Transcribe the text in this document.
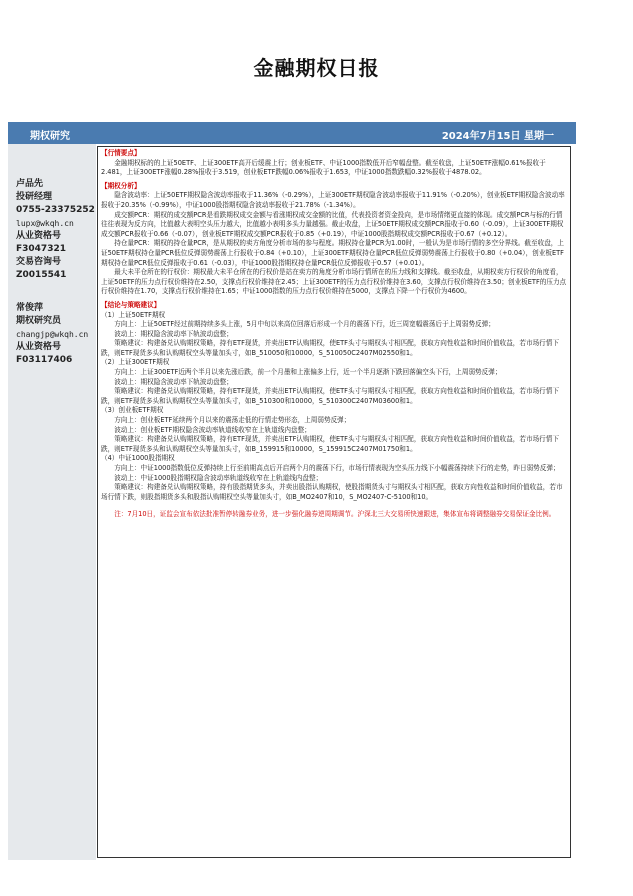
金融期权日报
期权研究	2024年7月15日 星期一
卢品先
投研经理
0755-23375252
lupx@wkqh.cn
从业资格号
F3047321
交易咨询号
Z0015541
常俊萍
期权研究员
changjp@wkqh.cn
从业资格号
F03117406
【行情要点】

金融期权标的的上证50ETF、上证300ETF高开后缓震上行；创业板ETF、中证1000指数低开后窄幅盘整。截至收盘，上证50ETF涨幅0.61%报收于2.481，上证300ETF涨幅0.28%报收于3.519，创业板ETF跌幅0.06%报收于1.653，中证1000指数跌幅0.32%报收于4878.02。

【期权分析】

隐含波动率：上证50ETF期权隐含波动率报收于11.36%（-0.29%），上证300ETF期权隐含波动率报收于11.91%（-0.20%），创业板ETF期权隐含波动率报收于20.35%（-0.99%），中证1000股指期权隐含波动率报收于21.78%（-1.34%）。

成交额PCR：期权的成交额PCR是看跌期权成交金额与看涨期权成交金额的比值，代表投资者资金投向，是市场情绪更直接的体现。成交额PCR与标的行情往往表现为反方向，比值越大表明空头压力越大，比值越小表明多头力量越强。截止收盘，上证50ETF期权成交额PCR报收于0.60（-0.09），上证300ETF期权成交额PCR报收于0.66（-0.07），创业板ETF期权成交额PCR报收于0.85（+0.19），中证1000股指期权成交额PCR报收于0.67（+0.12）。

持仓量PCR：期权的持仓量PCR，是从期权的卖方角度分析市场的参与程度。期权持仓量PCR为1.00时，一般认为是市场行情的多空分界线。截至收盘，上证50ETF期权持仓量PCR低位反弹弱势震荡上行报收于0.84（+0.10），上证300ETF期权持仓量PCR低位反弹弱势震荡上行报收于0.80（+0.04），创业板ETF期权持仓量PCR低位反弹报收于0.61（-0.03），中证1000股指期权持仓量PCR低位反弹报收于0.57（+0.01）。

最大未平仓所在的行权价：期权最大未平仓所在的行权价是站在卖方的角度分析市场行情所在的压力线和支撑线。截至收盘，从期权卖方行权价的角度看，上证50ETF的压力点行权价维持在2.50，支撑点行权价维持在2.45；上证300ETF的压力点行权价维持在3.60，支撑点行权价维持在3.50；创业板ETF的压力点行权价维持在1.70，支撑点行权价维持在1.65；中证1000指数的压力点行权价维持在5000，支撑点下降一个行权价为4600。

【结论与策略建议】

（1）上证50ETF期权

方向上：上证50ETF经过前期持续多头上涨，5月中旬以来高位回落后形成一个月的震荡下行，近三周宽幅震荡后于上周弱势反弹；

波动上：期权隐含波动率下轨波动盘整；

策略建议：构建备兑认购期权策略，持有ETF现货，并卖出ETF认购期权，使ETF头寸与期权头寸相匹配，获取方向性收益和时间价值收益，若市场行情下跌，则ETF现货多头和认购期权空头等量加头寸，如B_510050和10000，S_510050C2407M02550和1。

（2）上证300ETF期权

方向上：上证300ETF近两个半月以来先涨后跌，前一个月墨和上涨偏多上行，近一个半月逐渐下跌回落偏空头下行，上周弱势反弹；

波动上：期权隐含波动率下轨波动盘整；

策略建议：构建备兑认购期权策略，持有ETF现货，并卖出ETF认购期权，使ETF头寸与期权头寸相匹配，获取方向性收益和时间价值收益，若市场行情下跌，则ETF现货多头和认购期权空头等量加头寸，如B_510300和10000，S_510300C2407M03600和1。

（3）创业板ETF期权

方向上：创业板ETF延续两个月以来的震荡走低的行情走势形态，上周弱势反弹；

波动上：创业板ETF期权隐含波动率轨道线收窄在上轨道线内盘整；

策略建议：构建备兑认购期权策略，持有ETF现货，并卖出ETF认购期权，使ETF头寸与期权头寸相匹配，获取方向性收益和时间价值收益，若市场行情下跌，则ETF现货多头和认购期权空头等量加头寸，如B_159915和10000，S_159915C2407M01750和1。

（4）中证1000股指期权

方向上：中证1000指数低位反弹持续上行至前期高点后开启两个月的震荡下行，市场行情表现为空头压力线下小幅震荡持续下行的走势，昨日弱势反弹；

波动上：中证1000股指期权隐含波动率轨道线收窄在上轨道线内盘整；

策略建议：构建备兑认购期权策略，持有股指期货多头，并卖出股指认购期权，使股指期货头寸与期权头寸相匹配，获取方向性收益和时间价值收益，若市场行情下跌，则股指期货多头和股指认购期权空头等量加头寸，如B_MO2407和10，S_MO2407-C-5100和10。

注：7月10日，证监会宣布依法批准暂停转融券业务，进一步强化融券逆周期调节。沪深北三大交易所快速跟进，集体宣布将调整融券交易保证金比例。
